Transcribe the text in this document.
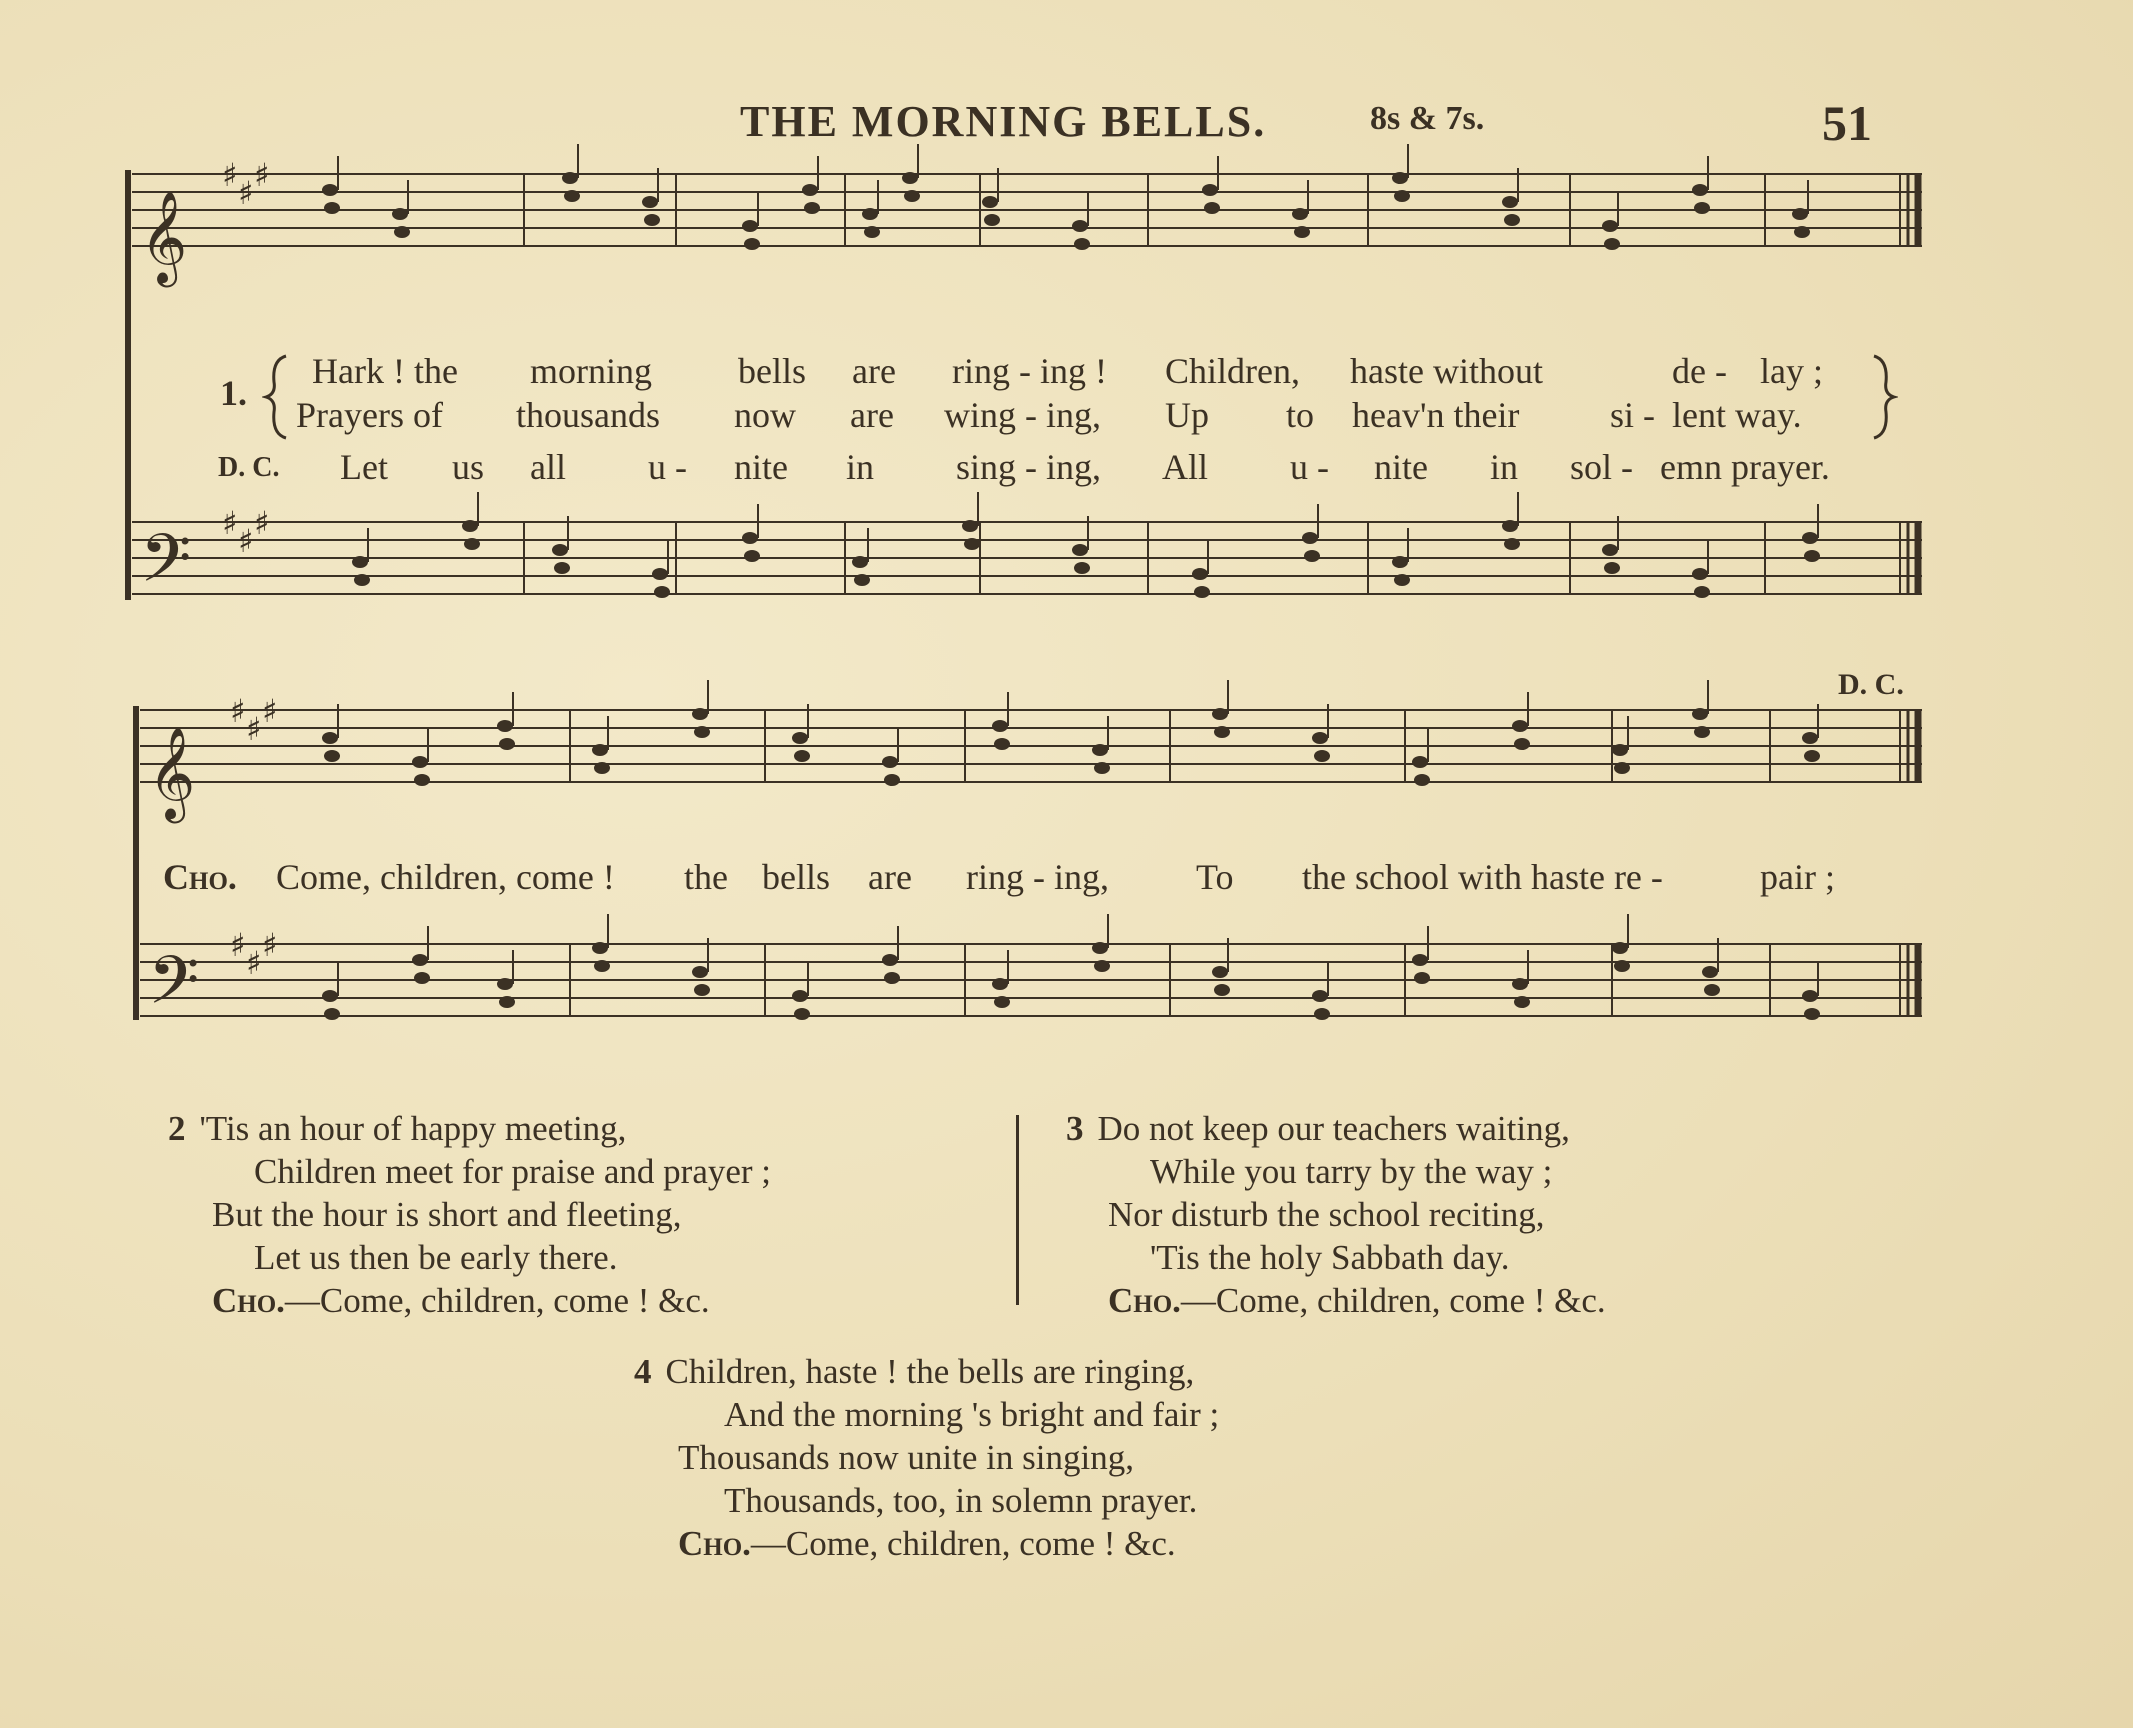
THE MORNING BELLS.	8s & 7s.	51
𝄞
♯ ♯ ♯
𝄢 ♯ ♯ ♯
𝄞
♯ ♯ ♯
𝄢 ♯ ♯ ♯
1.
Hark ! the morning bells are ring - ing ! Children, haste without	de - lay ;
Prayers of thousands now are wing - ing, Up to heav'n their	si - lent way.
D. C. Let us all u - nite in sing - ing, All u - nite in sol - emn prayer.
D. C.
Cho. Come, children, come ! the bells are ring - ing, To the school with haste re -	pair ;
2 'Tis an hour of happy meeting,
Children meet for praise and prayer ;
But the hour is short and fleeting,
Let us then be early there.
Cho.—Come, children, come ! &c.
3 Do not keep our teachers waiting,
While you tarry by the way ;
Nor disturb the school reciting,
'Tis the holy Sabbath day.
Cho.—Come, children, come ! &c.
4 Children, haste ! the bells are ringing,
And the morning 's bright and fair ;
Thousands now unite in singing,
Thousands, too, in solemn prayer.
Cho.—Come, children, come ! &c.
